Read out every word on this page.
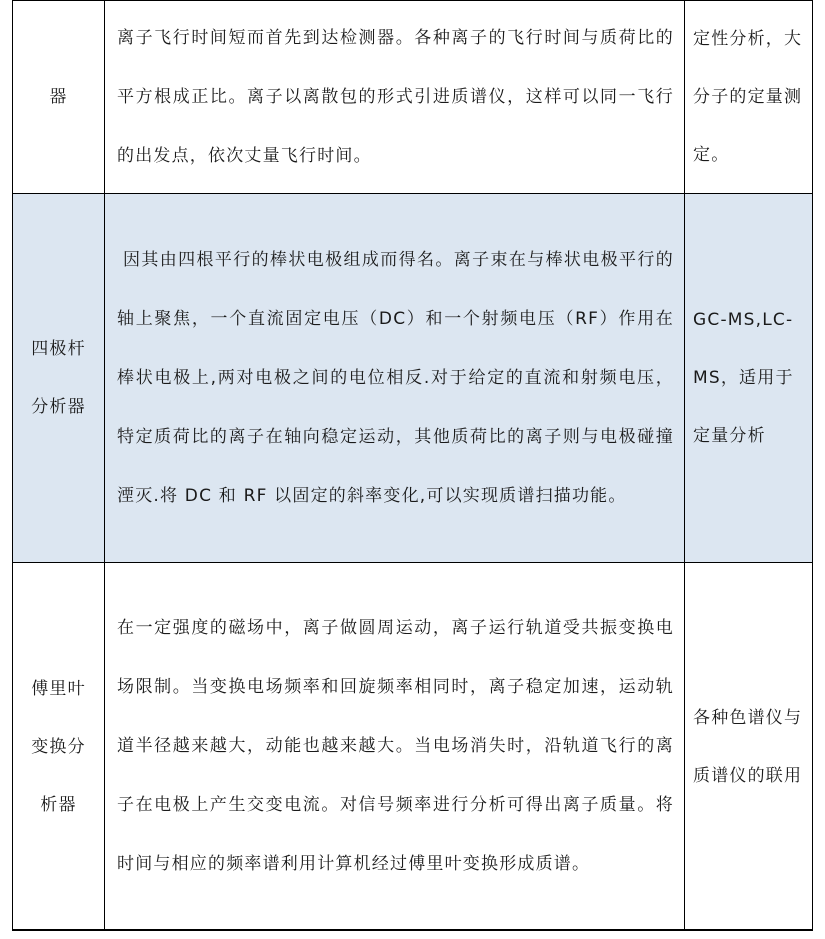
器	离子飞行时间短而首先到达检测器。各种离子的飞行时间与质荷比的平方根成正比。离子以离散包的形式引进质谱仪，这样可以同一飞行的出发点，依次丈量飞行时间。	定性分析，大分子的定量测定。

四极杆
分析器	因其由四根平行的棒状电极组成而得名。离子束在与棒状电极平行的轴上聚焦，一个直流固定电压（DC）和一个射频电压（RF）作用在棒状电极上,两对电极之间的电位相反.对于给定的直流和射频电压，特定质荷比的离子在轴向稳定运动，其他质荷比的离子则与电极碰撞湮灭.将 DC 和 RF 以固定的斜率变化,可以实现质谱扫描功能。	GC-MS,LC-MS，适用于定量分析

傅里叶
变换分
析器	在一定强度的磁场中，离子做圆周运动，离子运行轨道受共振变换电场限制。当变换电场频率和回旋频率相同时，离子稳定加速，运动轨道半径越来越大，动能也越来越大。当电场消失时，沿轨道飞行的离子在电极上产生交变电流。对信号频率进行分析可得出离子质量。将时间与相应的频率谱利用计算机经过傅里叶变换形成质谱。	各种色谱仪与质谱仪的联用
